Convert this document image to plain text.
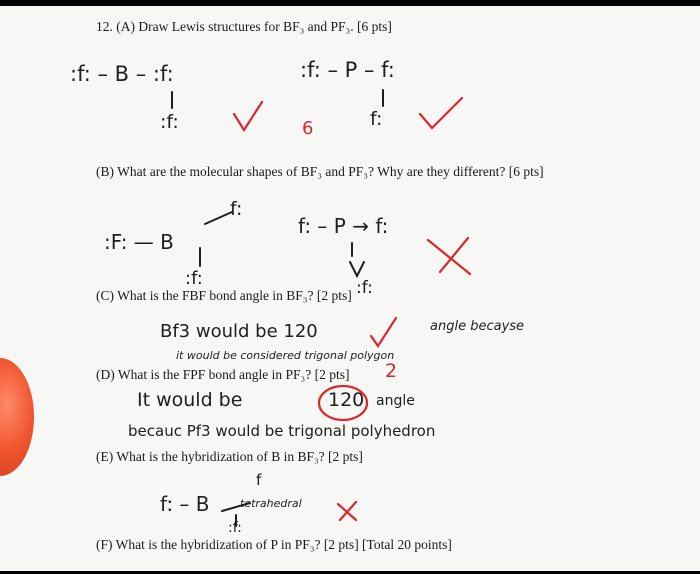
12. (A) Draw Lewis structures for BF₃ and PF₃. [6 pts]
(B) What are the molecular shapes of BF₃ and PF₃? Why are they different? [6 pts]
(C) What is the FBF bond angle in BF₃? [2 pts]
(D) What is the FPF bond angle in PF₃? [2 pts]
(E) What is the hybridization of B in BF₃? [2 pts]
(F) What is the hybridization of P in PF₃? [2 pts] [Total 20 points]
:f: – B – :f:
:f:
:f: – P – f:
f:
6
:F: — B
f:
:f:
f: – P → f:
:f:
Bf3 would be 120	angle becayse
it would be considered trigonal polygon
2
It would be	120 angle
becauc Pf3 would be trigonal polyhedron
f: – B
f
tetrahedral
:f:
